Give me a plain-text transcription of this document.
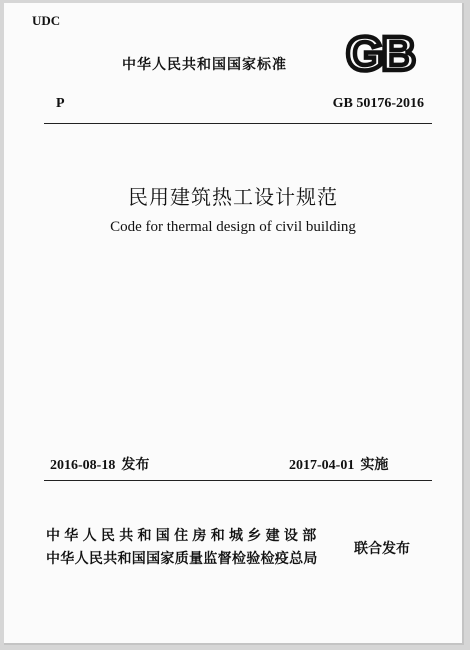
UDC
中华人民共和国国家标准 GB
P	GB 50176-2016
民用建筑热工设计规范
Code for thermal design of civil building
2016-08-18 发布	2017-04-01 实施
中华人民共和国住房和城乡建设部
中华人民共和国国家质量监督检验检疫总局
联合发布
